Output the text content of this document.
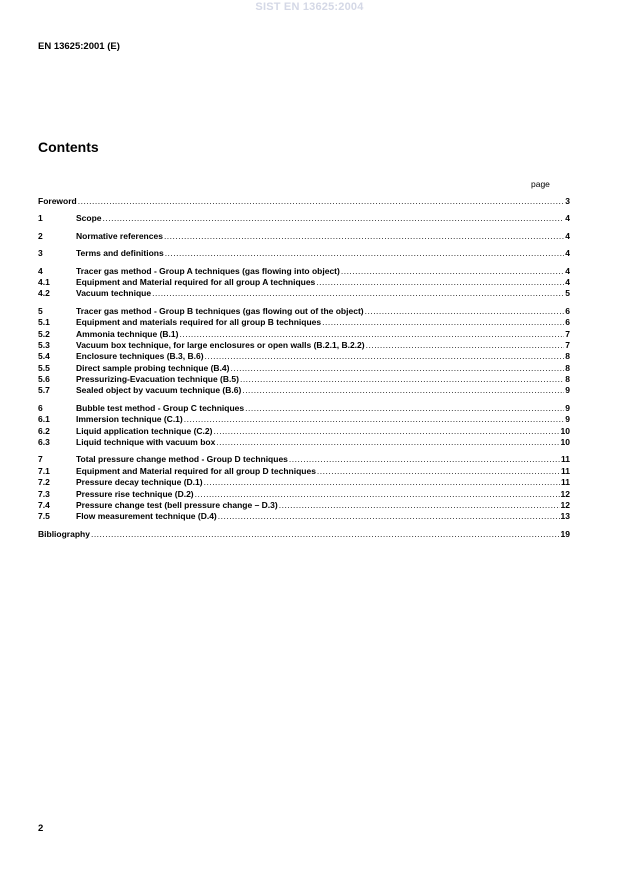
SIST EN 13625:2004
EN 13625:2001 (E)
Contents
page
Foreword .....	3
1	Scope .....	4
2	Normative references .....	4
3	Terms and definitions .....	4
4	Tracer gas method - Group A techniques (gas flowing into object) .....	4
4.1	Equipment and Material required for all group A techniques .....	4
4.2	Vacuum technique .....	5
5	Tracer gas method - Group B techniques (gas flowing out of the object) .....	6
5.1	Equipment and materials required for all group B techniques .....	6
5.2	Ammonia technique (B.1) .....	7
5.3	Vacuum box technique, for large enclosures or open walls (B.2.1, B.2.2) .....	7
5.4	Enclosure techniques (B.3, B.6) .....	8
5.5	Direct sample probing technique (B.4) .....	8
5.6	Pressurizing-Evacuation technique (B.5) .....	8
5.7	Sealed object by vacuum technique (B.6) .....	9
6	Bubble test method - Group C techniques .....	9
6.1	Immersion technique (C.1) .....	9
6.2	Liquid application technique (C.2) .....	10
6.3	Liquid technique with vacuum box .....	10
7	Total pressure change method - Group D techniques .....	11
7.1	Equipment and Material required for all group D techniques .....	11
7.2	Pressure decay technique (D.1) .....	11
7.3	Pressure rise technique (D.2) .....	12
7.4	Pressure change test (bell pressure change – D.3) .....	12
7.5	Flow measurement technique (D.4) .....	13
Bibliography .....	19
2
